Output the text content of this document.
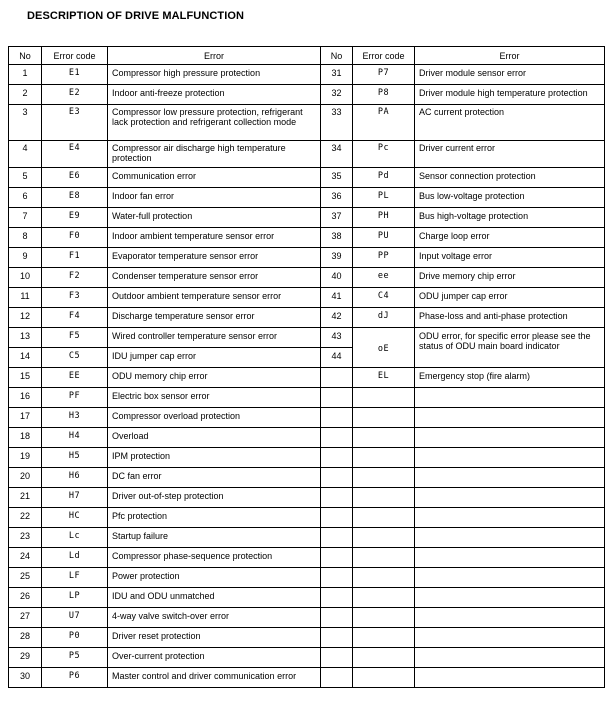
DESCRIPTION OF DRIVE MALFUNCTION
No	Error code	Error	No	Error code	Error
1	E1	Compressor high pressure protection	31	P7	Driver module sensor error
2	E2	Indoor anti-freeze protection	32	P8	Driver module high temperature protection
3	E3	Compressor low pressure protection, refrigerant lack protection and refrigerant collection mode	33	PA	AC current protection
4	E4	Compressor air discharge high temperature protection	34	Pc	Driver current error
5	E6	Communication error	35	Pd	Sensor connection protection
6	E8	Indoor fan error	36	PL	Bus low-voltage protection
7	E9	Water-full protection	37	PH	Bus high-voltage protection
8	F0	Indoor ambient temperature sensor error	38	PU	Charge loop error
9	F1	Evaporator temperature sensor error	39	PP	Input voltage error
10	F2	Condenser temperature sensor error	40	ee	Drive memory chip error
11	F3	Outdoor ambient temperature sensor error	41	C4	ODU jumper cap error
12	F4	Discharge temperature sensor error	42	dJ	Phase-loss and anti-phase protection
13	F5	Wired controller temperature sensor error	43	oE	ODU error, for specific error please see the status of ODU main board indicator
14	C5	IDU jumper cap error	44		
15	EE	ODU memory chip error		EL	Emergency stop (fire alarm)
16	PF	Electric box sensor error			
17	H3	Compressor overload protection			
18	H4	Overload			
19	H5	IPM protection			
20	H6	DC fan error			
21	H7	Driver out-of-step protection			
22	HC	Pfc protection			
23	Lc	Startup failure			
24	Ld	Compressor phase-sequence protection			
25	LF	Power protection			
26	LP	IDU and ODU unmatched			
27	U7	4-way valve switch-over error			
28	P0	Driver reset protection			
29	P5	Over-current protection			
30	P6	Master control and driver communication error			
